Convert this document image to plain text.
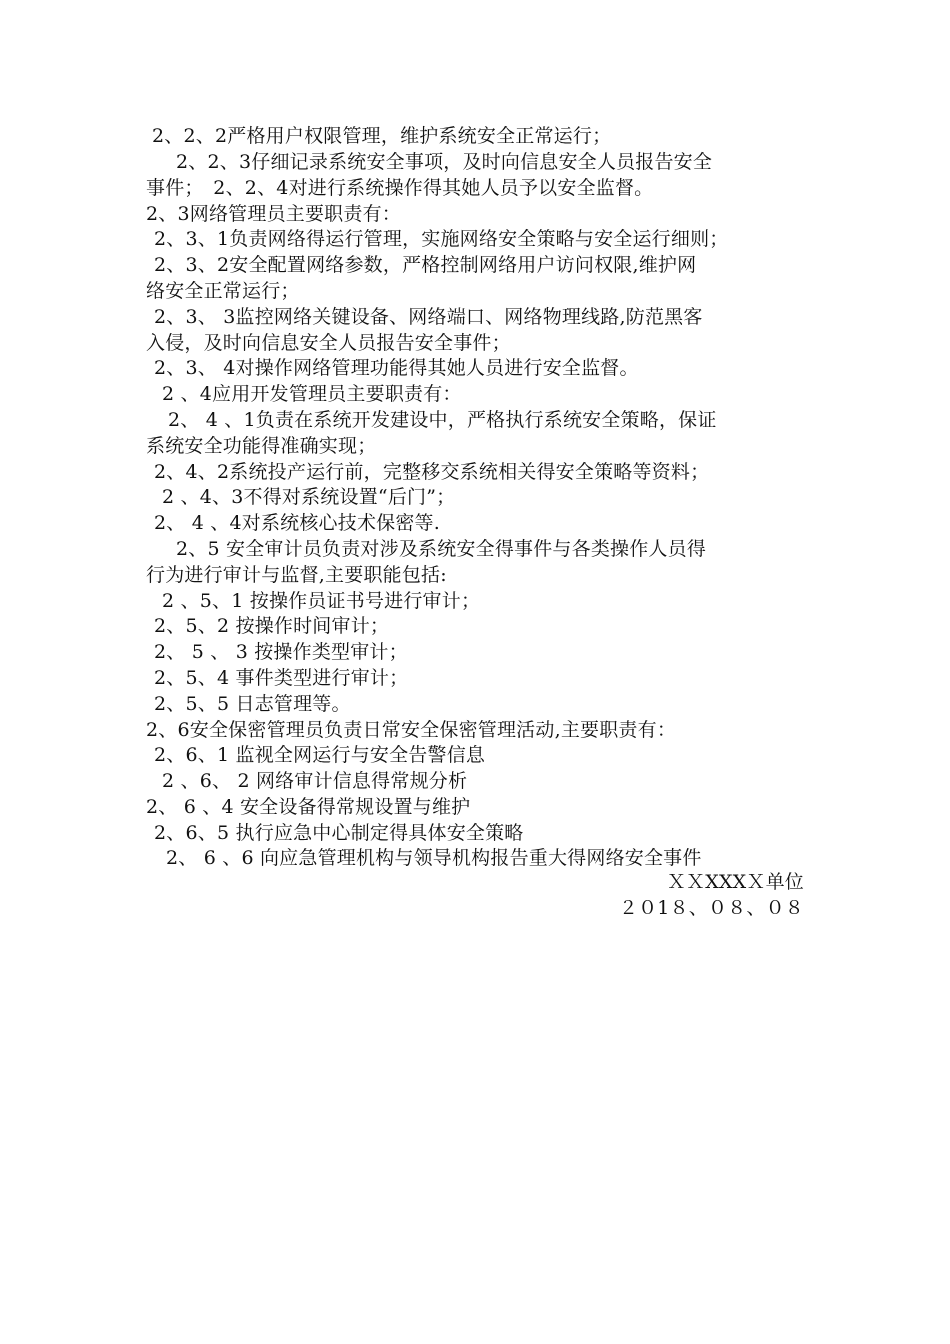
2、2、2严格用户权限管理，维护系统安全正常运行；
2、2、3仔细记录系统安全事项，及时向信息安全人员报告安全
事件；　2、2、4对进行系统操作得其她人员予以安全监督。
2、3网络管理员主要职责有：
2、3、1负责网络得运行管理，实施网络安全策略与安全运行细则；
2、3、2安全配置网络参数，严格控制网络用户访问权限,维护网
络安全正常运行；
2、3、 3监控网络关键设备、网络端口、网络物理线路,防范黑客
入侵，及时向信息安全人员报告安全事件；
2、3、 4对操作网络管理功能得其她人员进行安全监督。
2 、4应用开发管理员主要职责有：
2、 4 、1负责在系统开发建设中，严格执行系统安全策略，保证
系统安全功能得准确实现；
2、4、2系统投产运行前，完整移交系统相关得安全策略等资料；
2 、4、3不得对系统设置“后门”；
2、 4 、4对系统核心技术保密等.
2、5 安全审计员负责对涉及系统安全得事件与各类操作人员得
行为进行审计与监督,主要职能包括:
2 、5、1 按操作员证书号进行审计；
2、5、2 按操作时间审计；
2、 5 、 3 按操作类型审计；
2、5、4 事件类型进行审计；
2、5、5 日志管理等。
2、6安全保密管理员负责日常安全保密管理活动,主要职责有：
2、6、1 监视全网运行与安全告警信息
2 、6、 2 网络审计信息得常规分析
2、 6 、4 安全设备得常规设置与维护
2、6、5 执行应急中心制定得具体安全策略
2、 6 、6 向应急管理机构与领导机构报告重大得网络安全事件
ＸＸXXXＸ单位
２０1８、０８、０８
